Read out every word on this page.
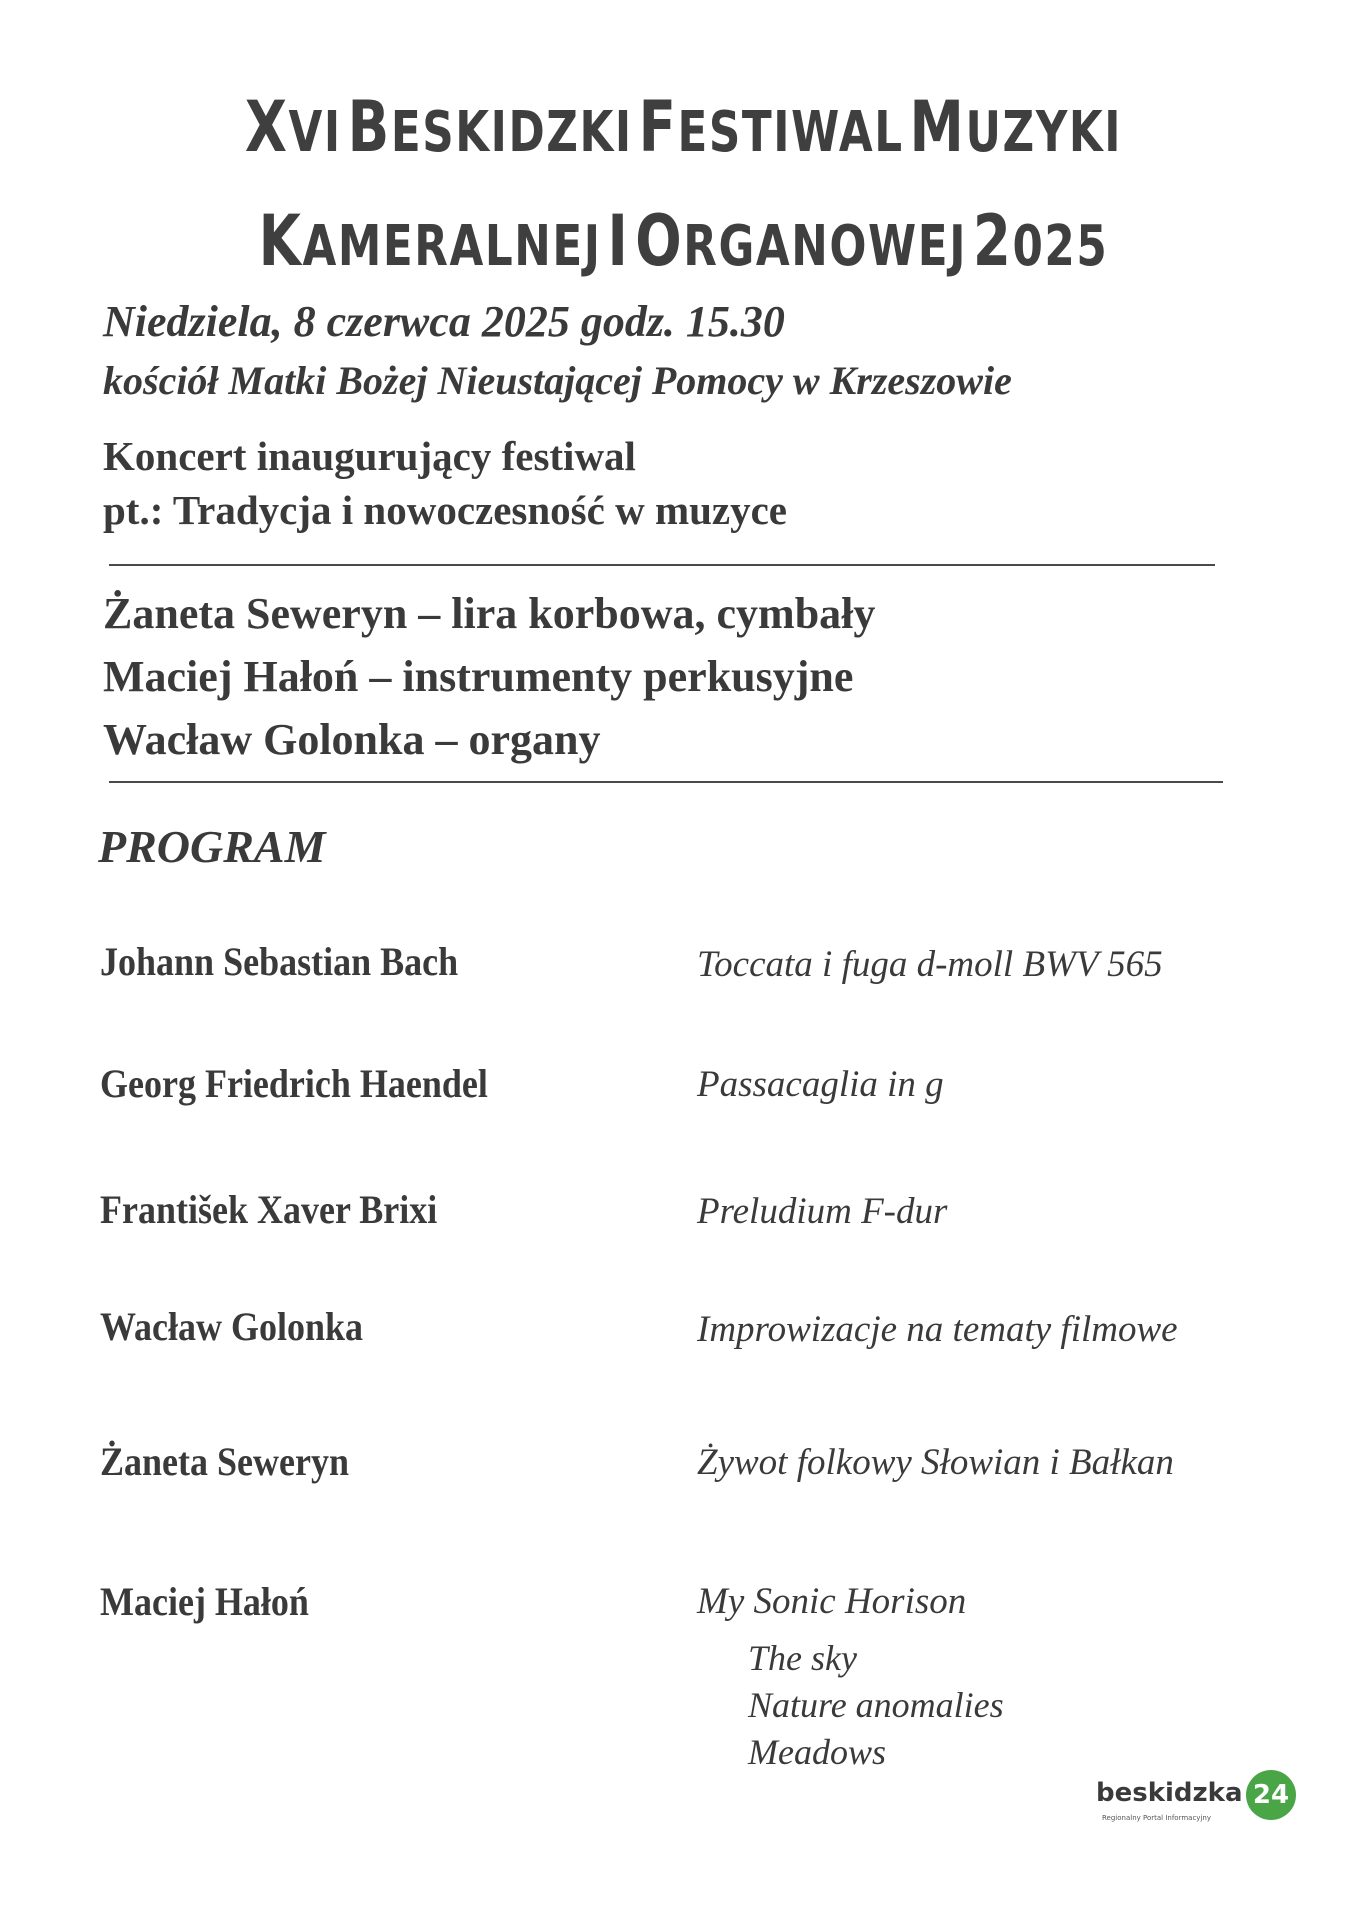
XVI BESKIDZKI FESTIWAL MUZYKI
KAMERALNEJ I ORGANOWEJ 2025
Niedziela, 8 czerwca 2025 godz. 15.30
kościół Matki Bożej Nieustającej Pomocy w Krzeszowie
Koncert inaugurujący festiwal
pt.: Tradycja i nowoczesność w muzyce
Żaneta Seweryn – lira korbowa, cymbały
Maciej Hałoń – instrumenty perkusyjne
Wacław Golonka – organy
PROGRAM
Johann Sebastian Bach	Toccata i fuga d-moll BWV 565
Georg Friedrich Haendel	Passacaglia in g
František Xaver Brixi	Preludium F-dur
Wacław Golonka	Improwizacje na tematy filmowe
Żaneta Seweryn	Żywot folkowy Słowian i Bałkan
Maciej Hałoń	My Sonic Horison
The sky
Nature anomalies
Meadows
beskidzka 24
Regionalny Portal Informacyjny
